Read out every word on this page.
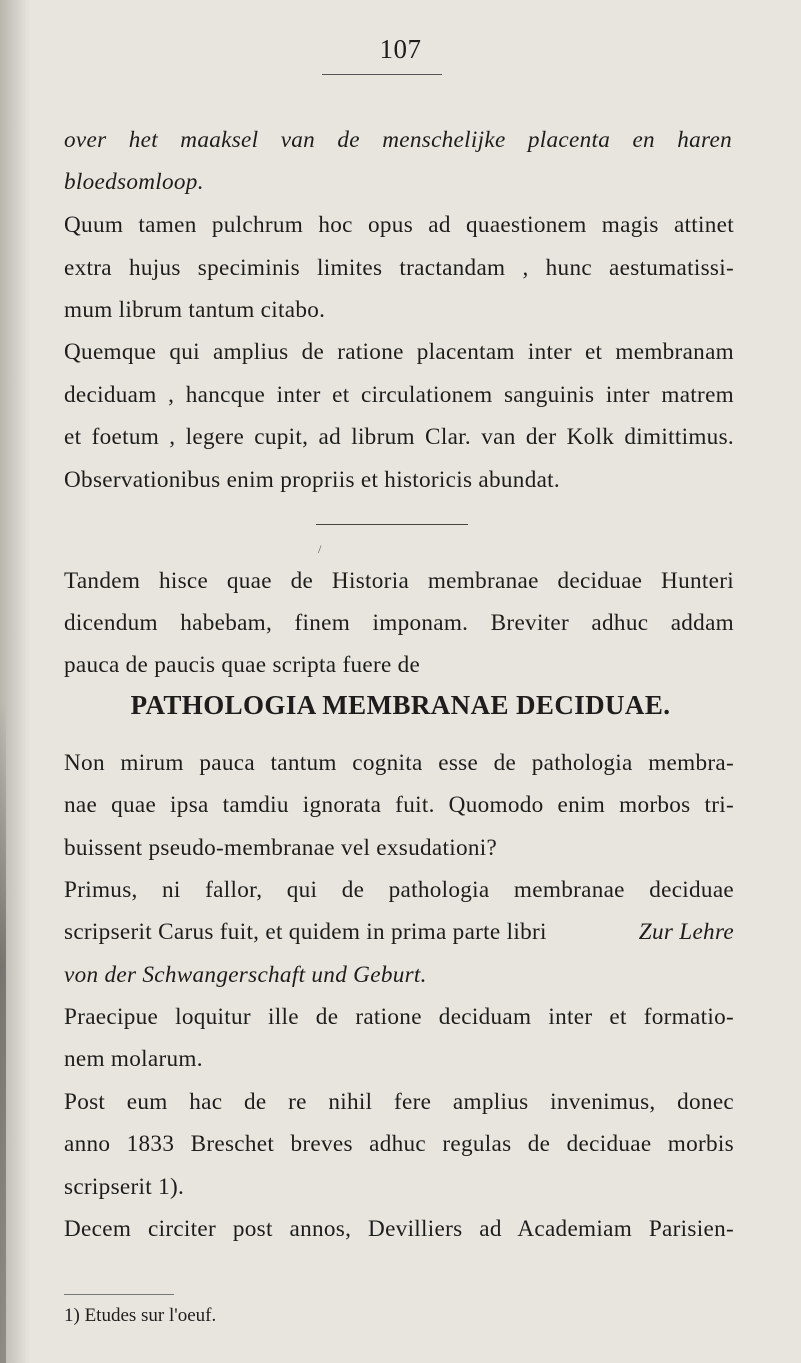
107
over het maaksel van de menschelijke placenta en haren
bloedsomloop.
Quum tamen pulchrum hoc opus ad quaestionem magis attinet
extra hujus speciminis limites tractandam , hunc aestumatissi-
mum librum tantum citabo.
Quemque qui amplius de ratione placentam inter et membranam
deciduam , hancque inter et circulationem sanguinis inter matrem
et foetum , legere cupit, ad librum Clar. van der Kolk dimittimus.
Observationibus enim propriis et historicis abundat.
/
Tandem hisce quae de Historia membranae deciduae Hunteri
dicendum habebam, finem imponam. Breviter adhuc addam
pauca de paucis quae scripta fuere de
PATHOLOGIA MEMBRANAE DECIDUAE.
Non mirum pauca tantum cognita esse de pathologia membra-
nae quae ipsa tamdiu ignorata fuit. Quomodo enim morbos tri-
buissent pseudo-membranae vel exsudationi?
Primus, ni fallor, qui de pathologia membranae deciduae
scripserit Carus fuit, et quidem in prima parte libri	Zur Lehre
von der Schwangerschaft und Geburt.
Praecipue loquitur ille de ratione deciduam inter et formatio-
nem molarum.
Post eum hac de re nihil fere amplius invenimus, donec
anno 1833 Breschet breves adhuc regulas de deciduae morbis
scripserit 1).
Decem circiter post annos, Devilliers ad Academiam Parisien-
1) Etudes sur l'oeuf.
